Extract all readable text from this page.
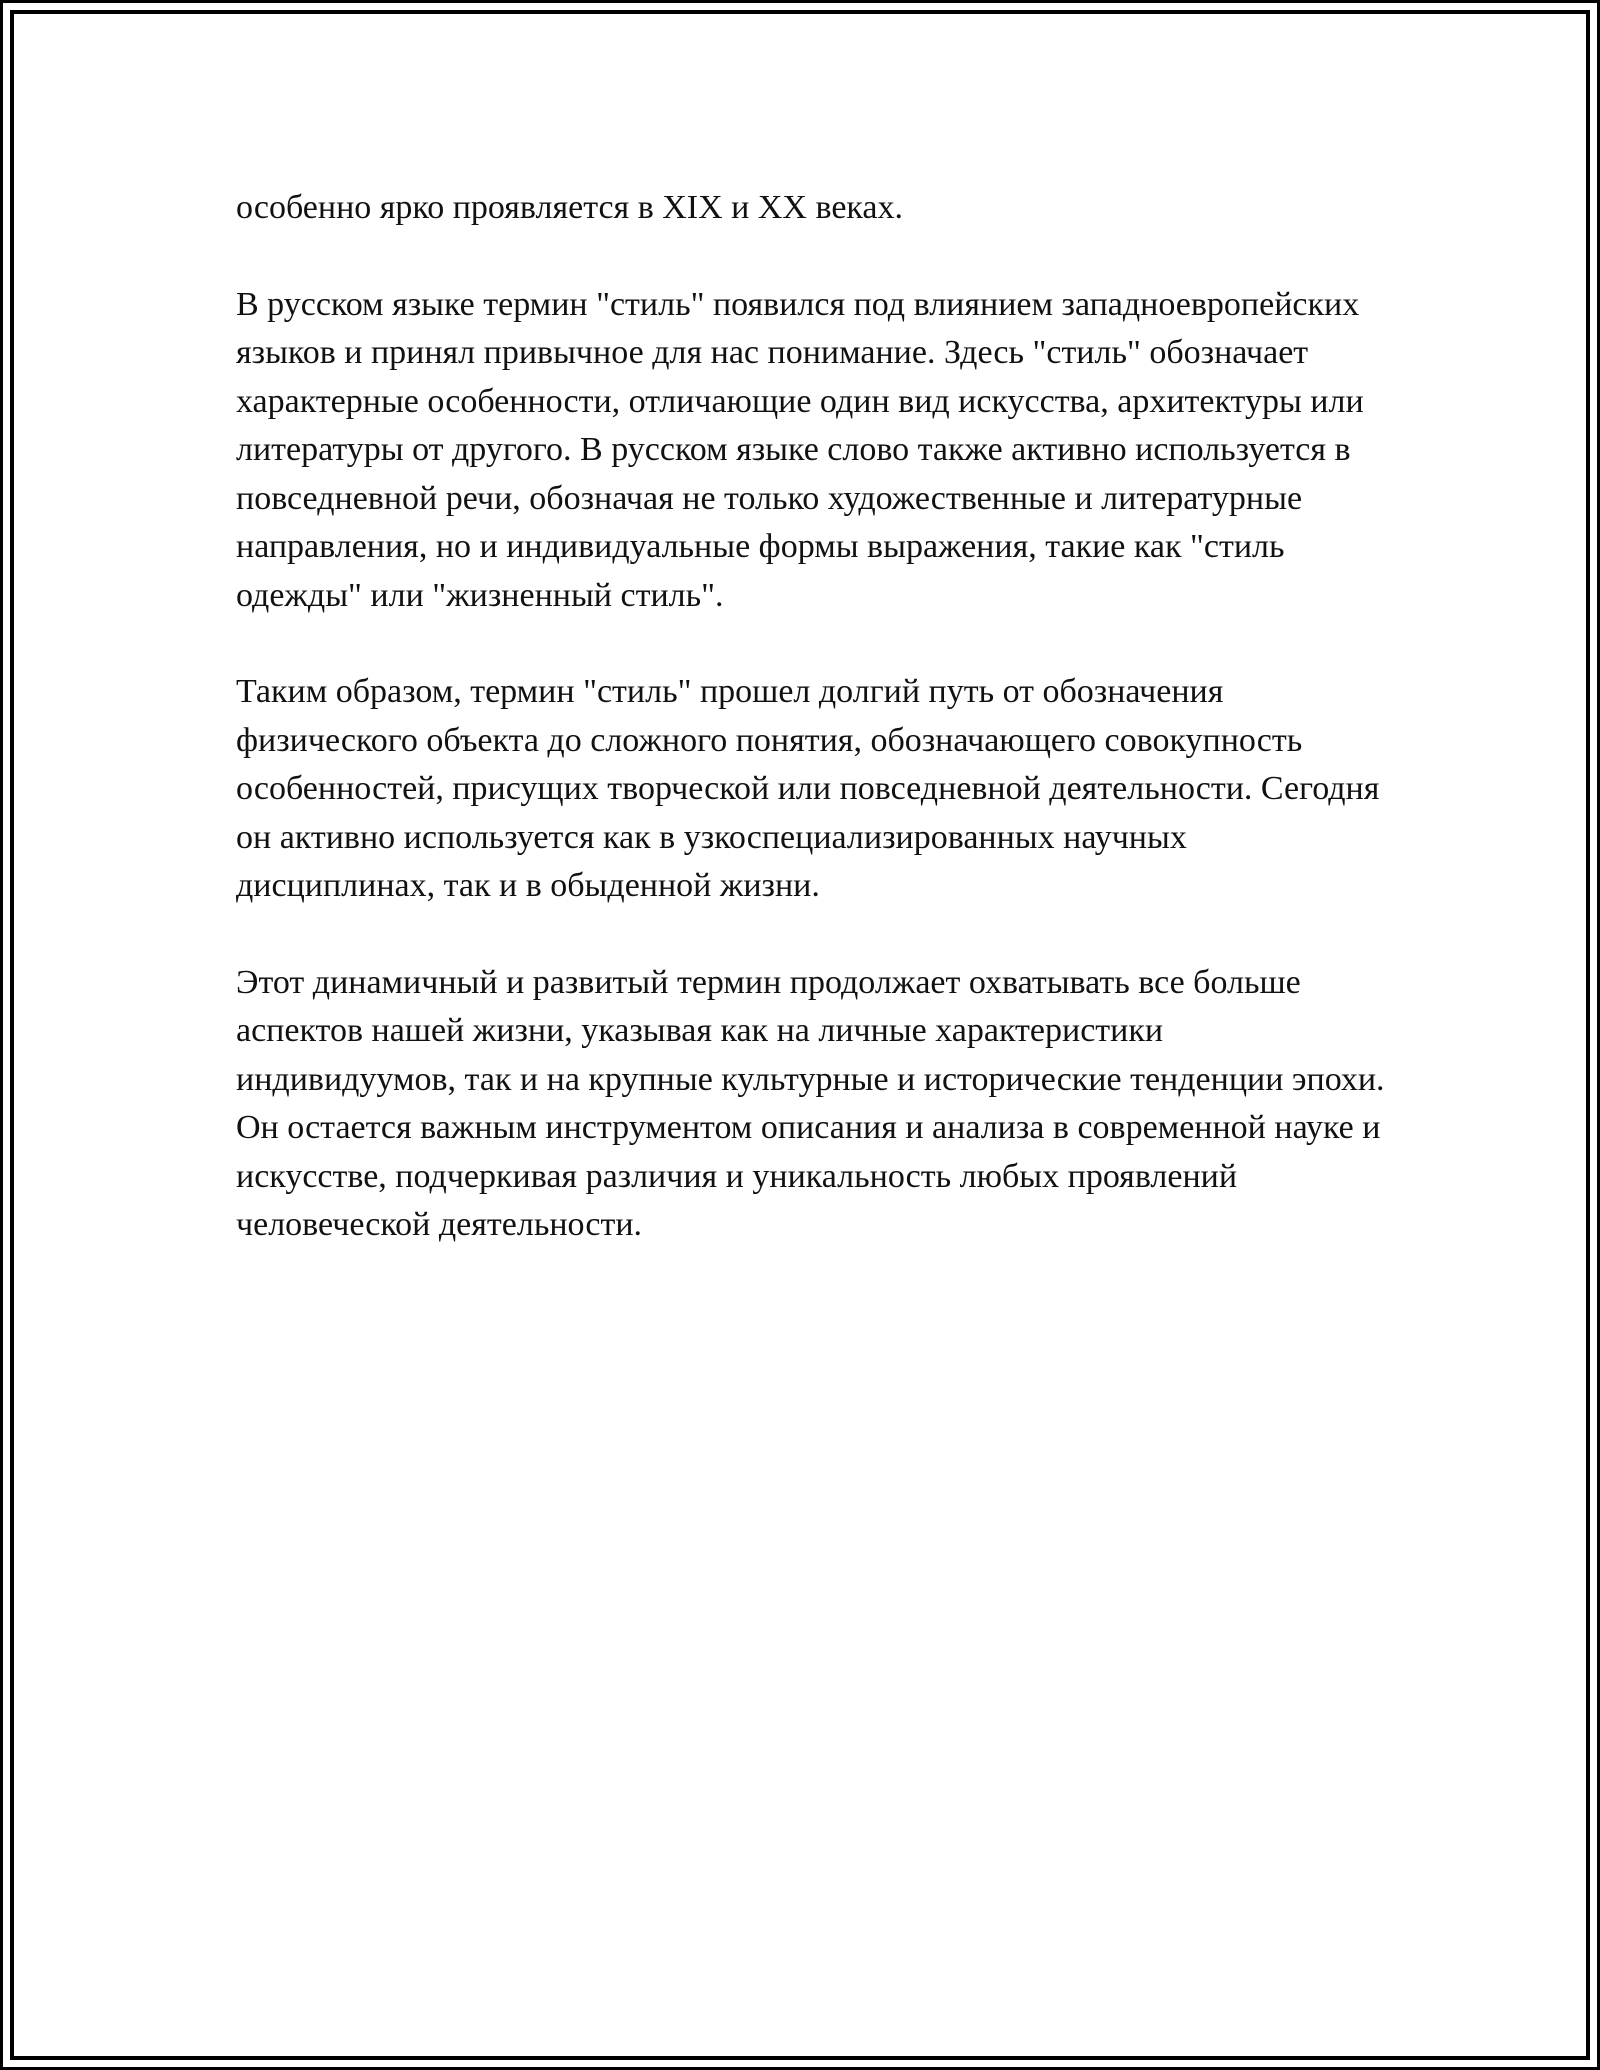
особенно ярко проявляется в XIX и XX веках.

В русском языке термин "стиль" появился под влиянием западноевропейских языков и принял привычное для нас понимание. Здесь "стиль" обозначает характерные особенности, отличающие один вид искусства, архитектуры или литературы от другого. В русском языке слово также активно используется в повседневной речи, обозначая не только художественные и литературные направления, но и индивидуальные формы выражения, такие как "стиль одежды" или "жизненный стиль".

Таким образом, термин "стиль" прошел долгий путь от обозначения физического объекта до сложного понятия, обозначающего совокупность особенностей, присущих творческой или повседневной деятельности. Сегодня он активно используется как в узкоспециализированных научных дисциплинах, так и в обыденной жизни.

Этот динамичный и развитый термин продолжает охватывать все больше аспектов нашей жизни, указывая как на личные характеристики индивидуумов, так и на крупные культурные и исторические тенденции эпохи. Он остается важным инструментом описания и анализа в современной науке и искусстве, подчеркивая различия и уникальность любых проявлений человеческой деятельности.
